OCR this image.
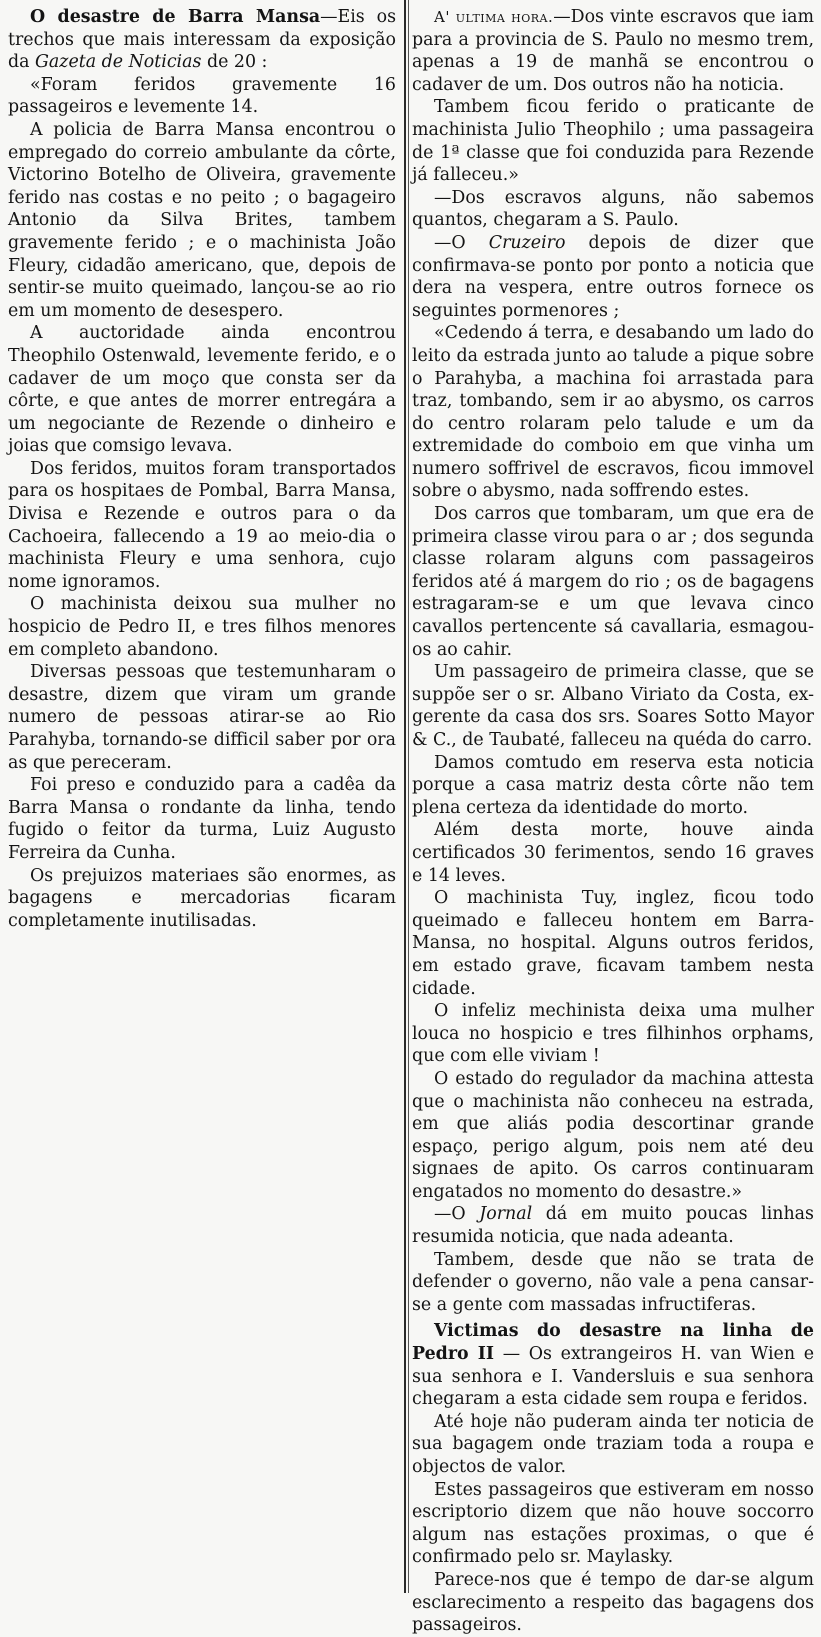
O desastre de Barra Mansa—Eis os trechos que mais interessam da exposição da Gazeta de Noticias de 20 :

«Foram feridos gravemente 16 passageiros e levemente 14.

A policia de Barra Mansa encontrou o empregado do correio ambulante da côrte, Victorino Botelho de Oliveira, gravemente ferido nas costas e no peito ; o bagageiro Antonio da Silva Brites, tambem gravemente ferido ; e o machinista João Fleury, cidadão americano, que, depois de sentir-se muito queimado, lançou-se ao rio em um momento de desespero.

A auctoridade ainda encontrou Theophilo Ostenwald, levemente ferido, e o cadaver de um moço que consta ser da côrte, e que antes de morrer entregára a um negociante de Rezende o dinheiro e joias que comsigo levava.

Dos feridos, muitos foram transportados para os hospitaes de Pombal, Barra Mansa, Divisa e Rezende e outros para o da Cachoeira, fallecendo a 19 ao meio-dia o machinista Fleury e uma senhora, cujo nome ignoramos.

O machinista deixou sua mulher no hospicio de Pedro II, e tres filhos menores em completo abandono.

Diversas pessoas que testemunharam o desastre, dizem que viram um grande numero de pessoas atirar-se ao Rio Parahyba, tornando-se difficil saber por ora as que pereceram.

Foi preso e conduzido para a cadêa da Barra Mansa o rondante da linha, tendo fugido o feitor da turma, Luiz Augusto Ferreira da Cunha.

Os prejuizos materiaes são enormes, as bagagens e mercadorias ficaram completamente inutilisadas.

A' ultima hora.—Dos vinte escravos que iam para a provincia de S. Paulo no mesmo trem, apenas a 19 de manhã se encontrou o cadaver de um. Dos outros não ha noticia.

Tambem ficou ferido o praticante de machinista Julio Theophilo ; uma passageira de 1ª classe que foi conduzida para Rezende já falleceu.»

—Dos escravos alguns, não sabemos quantos, chegaram a S. Paulo.

—O Cruzeiro depois de dizer que confirmava-se ponto por ponto a noticia que dera na vespera, entre outros fornece os seguintes pormenores ;

«Cedendo á terra, e desabando um lado do leito da estrada junto ao talude a pique sobre o Parahyba, a machina foi arrastada para traz, tombando, sem ir ao abysmo, os carros do centro rolaram pelo talude e um da extremidade do comboio em que vinha um numero soffrivel de escravos, ficou immovel sobre o abysmo, nada soffrendo estes.

Dos carros que tombaram, um que era de primeira classe virou para o ar ; dos segunda classe rolaram alguns com passageiros feridos até á margem do rio ; os de bagagens estragaram-se e um que levava cinco cavallos pertencente sá cavallaria, esmagou-os ao cahir.

Um passageiro de primeira classe, que se suppõe ser o sr. Albano Viriato da Costa, ex-gerente da casa dos srs. Soares Sotto Mayor & C., de Taubaté, falleceu na quéda do carro.

Damos comtudo em reserva esta noticia porque a casa matriz desta côrte não tem plena certeza da identidade do morto.

Além desta morte, houve ainda certificados 30 ferimentos, sendo 16 graves e 14 leves.

O machinista Tuy, inglez, ficou todo queimado e falleceu hontem em Barra-Mansa, no hospital. Alguns outros feridos, em estado grave, ficavam tambem nesta cidade.

O infeliz mechinista deixa uma mulher louca no hospicio e tres filhinhos orphams, que com elle viviam !

O estado do regulador da machina attesta que o machinista não conheceu na estrada, em que aliás podia descortinar grande espaço, perigo algum, pois nem até deu signaes de apito. Os carros continuaram engatados no momento do desastre.»

—O Jornal dá em muito poucas linhas resumida noticia, que nada adeanta.

Tambem, desde que não se trata de defender o governo, não vale a pena cansar-se a gente com massadas infructiferas.

Victimas do desastre na linha de Pedro II — Os extrangeiros H. van Wien e sua senhora e I. Vandersluis e sua senhora chegaram a esta cidade sem roupa e feridos.

Até hoje não puderam ainda ter noticia de sua bagagem onde traziam toda a roupa e objectos de valor.

Estes passageiros que estiveram em nosso escriptorio dizem que não houve soccorro algum nas estações proximas, o que é confirmado pelo sr. Maylasky.

Parece-nos que é tempo de dar-se algum esclarecimento a respeito das bagagens dos passageiros.
